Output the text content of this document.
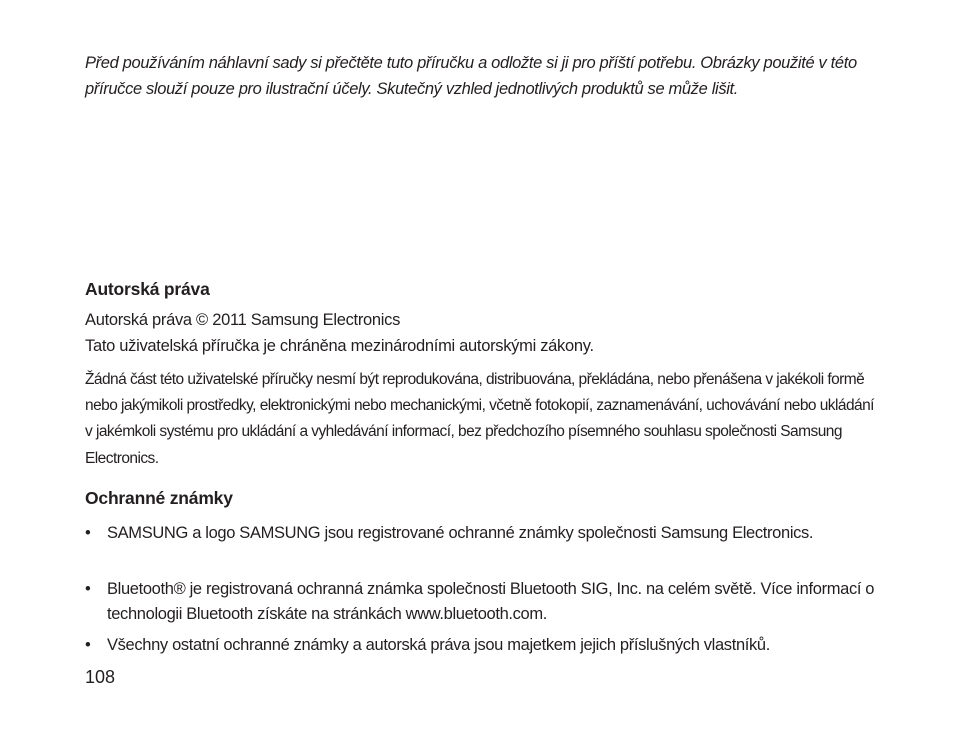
Před používáním náhlavní sady si přečtěte tuto příručku a odložte si ji pro příští potřebu. Obrázky použité v této příručce slouží pouze pro ilustrační účely. Skutečný vzhled jednotlivých produktů se může lišit.

Autorská práva

Autorská práva © 2011 Samsung Electronics

Tato uživatelská příručka je chráněna mezinárodními autorskými zákony.

Žádná část této uživatelské příručky nesmí být reprodukována, distribuována, překládána, nebo přenášena v jakékoli formě nebo jakýmikoli prostředky, elektronickými nebo mechanickými, včetně fotokopií, zaznamenávání, uchovávání nebo ukládání v jakémkoli systému pro ukládání a vyhledávání informací, bez předchozího písemného souhlasu společnosti Samsung Electronics.

Ochranné známky
• SAMSUNG a logo SAMSUNG jsou registrované ochranné známky společnosti Samsung Electronics.
• Bluetooth® je registrovaná ochranná známka společnosti Bluetooth SIG, Inc. na celém světě. Více informací o technologii Bluetooth získáte na stránkách www.bluetooth.com.
• Všechny ostatní ochranné známky a autorská práva jsou majetkem jejich příslušných vlastníků.

108
